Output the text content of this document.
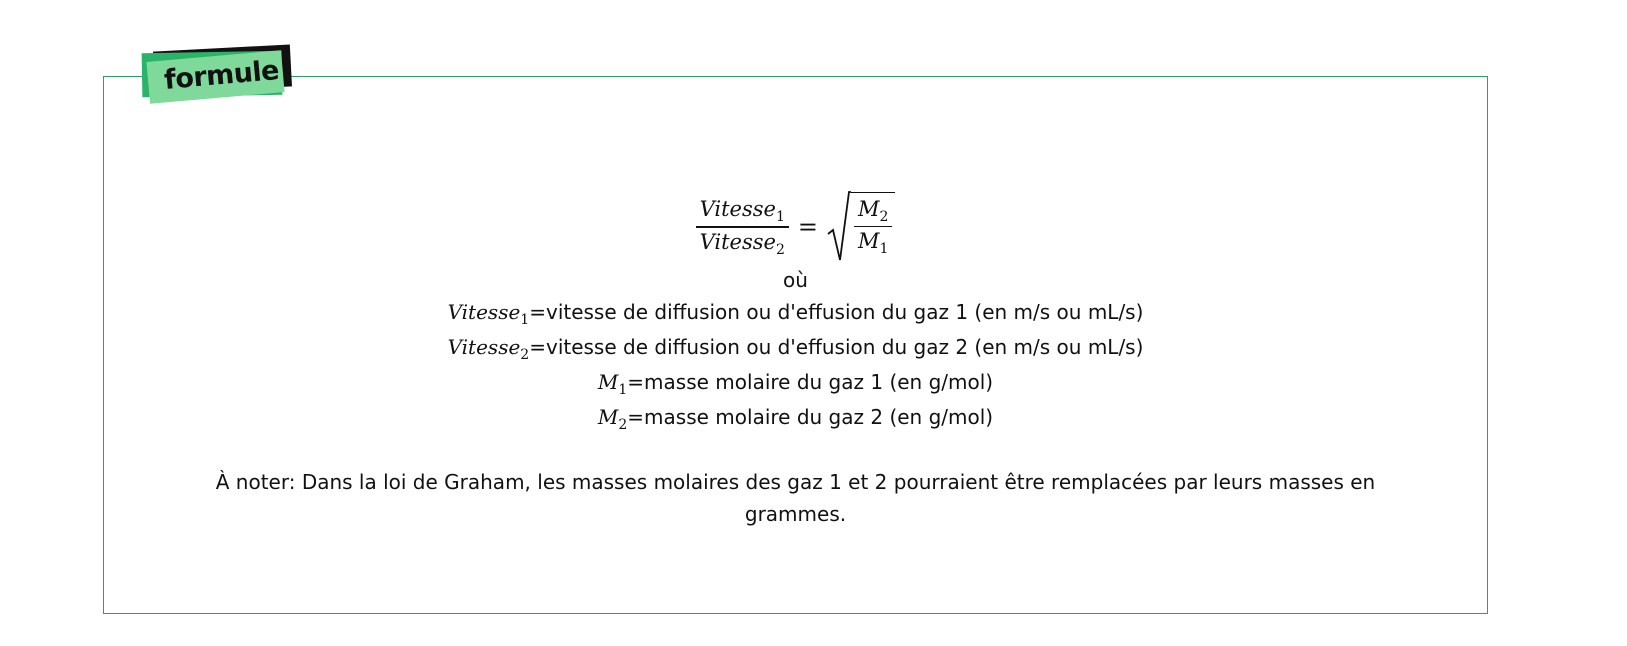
formule
$\frac{Vitesse_1}{Vitesse_2} = \frac{M_2}{M_1}$

où

Vitesse$_1$=vitesse de diffusion ou d'effusion du gaz 1 (en m/s ou mL/s)

Vitesse$_2$=vitesse de diffusion ou d'effusion du gaz 2 (en m/s ou mL/s)

$M_1=masse$ molaire du gaz 1 (en g/mol)

$M_2=masse$ molaire du gaz 2 (en g/mol)

À noter: Dans la loi de Graham, les masses molaires des gaz 1 et 2 pourraient être remplacées par leurs masses en grammes.
